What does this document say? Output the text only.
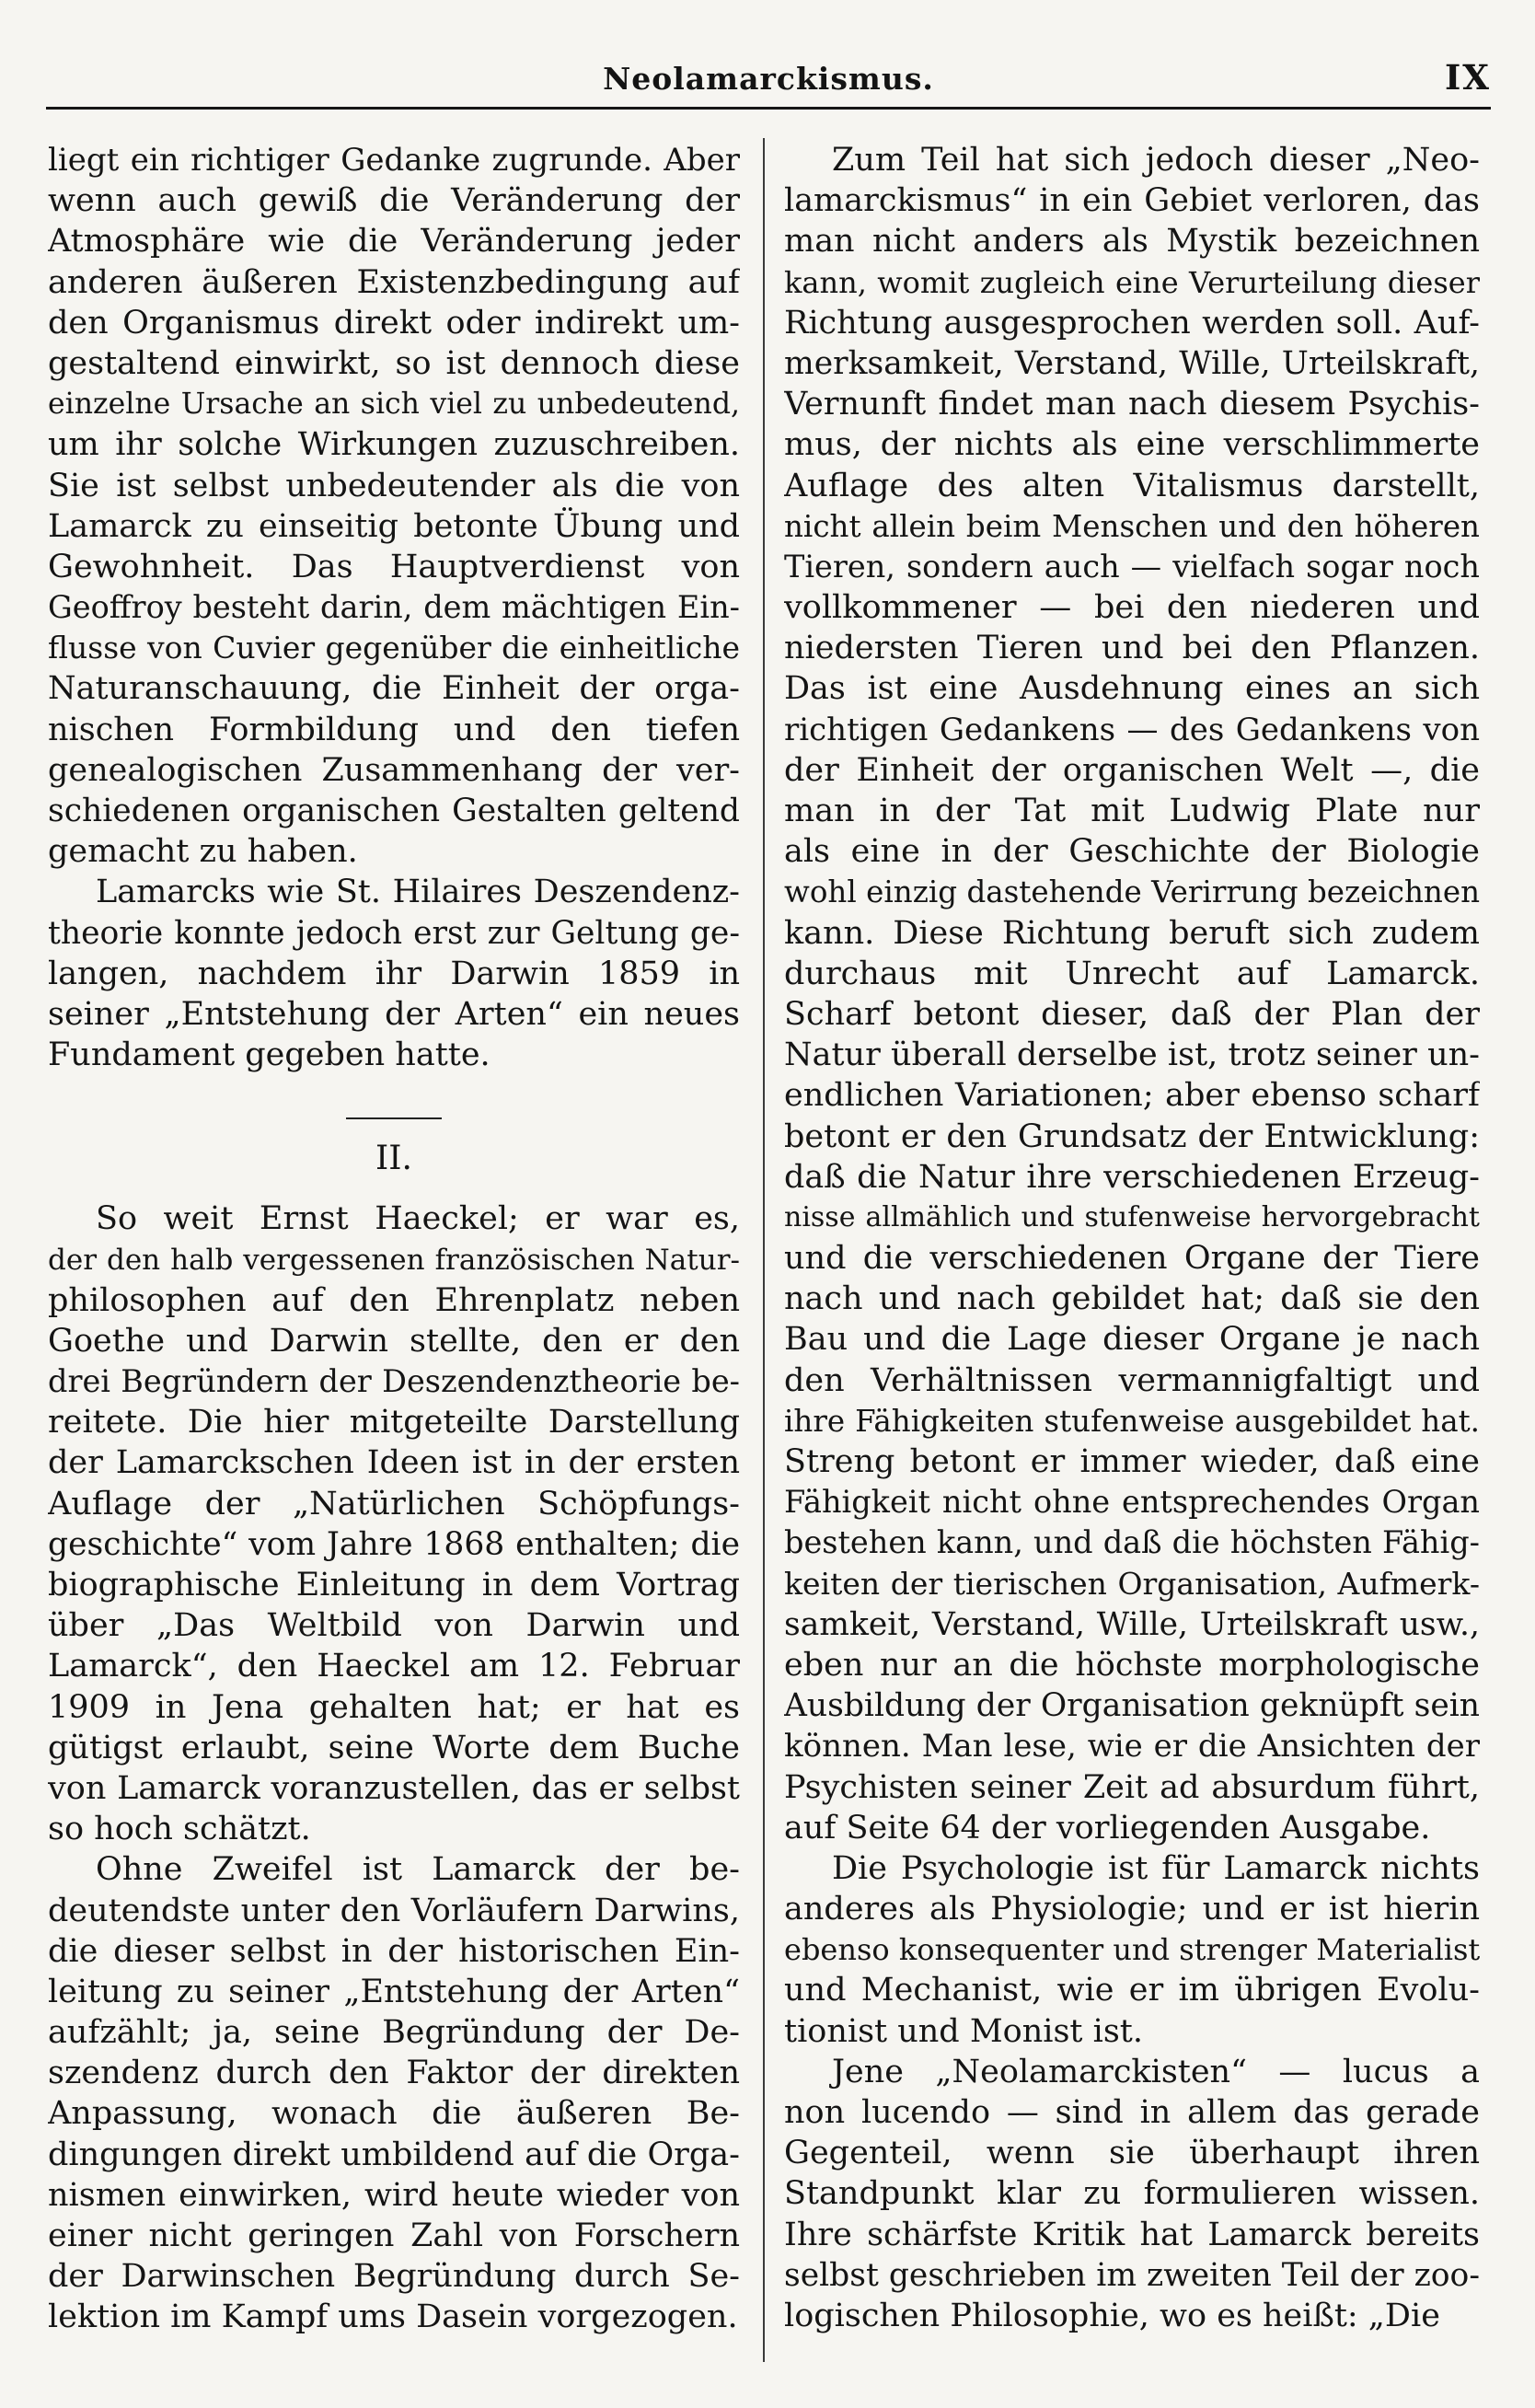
Neolamarckismus.	IX
liegt ein richtiger Gedanke zugrunde. Aber
wenn auch gewiß die Veränderung der
Atmosphäre wie die Veränderung jeder
anderen äußeren Existenzbedingung auf
den Organismus direkt oder indirekt um-
gestaltend einwirkt, so ist dennoch diese
einzelne Ursache an sich viel zu unbedeutend,
um ihr solche Wirkungen zuzuschreiben.
Sie ist selbst unbedeutender als die von
Lamarck zu einseitig betonte Übung und
Gewohnheit. Das Hauptverdienst von
Geoffroy besteht darin, dem mächtigen Ein-
flusse von Cuvier gegenüber die einheitliche
Naturanschauung, die Einheit der orga-
nischen Formbildung und den tiefen
genealogischen Zusammenhang der ver-
schiedenen organischen Gestalten geltend
gemacht zu haben.
Lamarcks wie St. Hilaires Deszendenz-
theorie konnte jedoch erst zur Geltung ge-
langen, nachdem ihr Darwin 1859 in
seiner „Entstehung der Arten“ ein neues
Fundament gegeben hatte.
II.
So weit Ernst Haeckel; er war es,
der den halb vergessenen französischen Natur-
philosophen auf den Ehrenplatz neben
Goethe und Darwin stellte, den er den
drei Begründern der Deszendenztheorie be-
reitete. Die hier mitgeteilte Darstellung
der Lamarckschen Ideen ist in der ersten
Auflage der „Natürlichen Schöpfungs-
geschichte“ vom Jahre 1868 enthalten; die
biographische Einleitung in dem Vortrag
über „Das Weltbild von Darwin und
Lamarck“, den Haeckel am 12. Februar
1909 in Jena gehalten hat; er hat es
gütigst erlaubt, seine Worte dem Buche
von Lamarck voranzustellen, das er selbst
so hoch schätzt.
Ohne Zweifel ist Lamarck der be-
deutendste unter den Vorläufern Darwins,
die dieser selbst in der historischen Ein-
leitung zu seiner „Entstehung der Arten“
aufzählt; ja, seine Begründung der De-
szendenz durch den Faktor der direkten
Anpassung, wonach die äußeren Be-
dingungen direkt umbildend auf die Orga-
nismen einwirken, wird heute wieder von
einer nicht geringen Zahl von Forschern
der Darwinschen Begründung durch Se-
lektion im Kampf ums Dasein vorgezogen.
Zum Teil hat sich jedoch dieser „Neo-
lamarckismus“ in ein Gebiet verloren, das
man nicht anders als Mystik bezeichnen
kann, womit zugleich eine Verurteilung dieser
Richtung ausgesprochen werden soll. Auf-
merksamkeit, Verstand, Wille, Urteilskraft,
Vernunft findet man nach diesem Psychis-
mus, der nichts als eine verschlimmerte
Auflage des alten Vitalismus darstellt,
nicht allein beim Menschen und den höheren
Tieren, sondern auch — vielfach sogar noch
vollkommener — bei den niederen und
niedersten Tieren und bei den Pflanzen.
Das ist eine Ausdehnung eines an sich
richtigen Gedankens — des Gedankens von
der Einheit der organischen Welt —, die
man in der Tat mit Ludwig Plate nur
als eine in der Geschichte der Biologie
wohl einzig dastehende Verirrung bezeichnen
kann. Diese Richtung beruft sich zudem
durchaus mit Unrecht auf Lamarck.
Scharf betont dieser, daß der Plan der
Natur überall derselbe ist, trotz seiner un-
endlichen Variationen; aber ebenso scharf
betont er den Grundsatz der Entwicklung:
daß die Natur ihre verschiedenen Erzeug-
nisse allmählich und stufenweise hervorgebracht
und die verschiedenen Organe der Tiere
nach und nach gebildet hat; daß sie den
Bau und die Lage dieser Organe je nach
den Verhältnissen vermannigfaltigt und
ihre Fähigkeiten stufenweise ausgebildet hat.
Streng betont er immer wieder, daß eine
Fähigkeit nicht ohne entsprechendes Organ
bestehen kann, und daß die höchsten Fähig-
keiten der tierischen Organisation, Aufmerk-
samkeit, Verstand, Wille, Urteilskraft usw.,
eben nur an die höchste morphologische
Ausbildung der Organisation geknüpft sein
können. Man lese, wie er die Ansichten der
Psychisten seiner Zeit ad absurdum führt,
auf Seite 64 der vorliegenden Ausgabe.
Die Psychologie ist für Lamarck nichts
anderes als Physiologie; und er ist hierin
ebenso konsequenter und strenger Materialist
und Mechanist, wie er im übrigen Evolu-
tionist und Monist ist.
Jene „Neolamarckisten“ — lucus a
non lucendo — sind in allem das gerade
Gegenteil, wenn sie überhaupt ihren
Standpunkt klar zu formulieren wissen.
Ihre schärfste Kritik hat Lamarck bereits
selbst geschrieben im zweiten Teil der zoo-
logischen Philosophie, wo es heißt: „Die
